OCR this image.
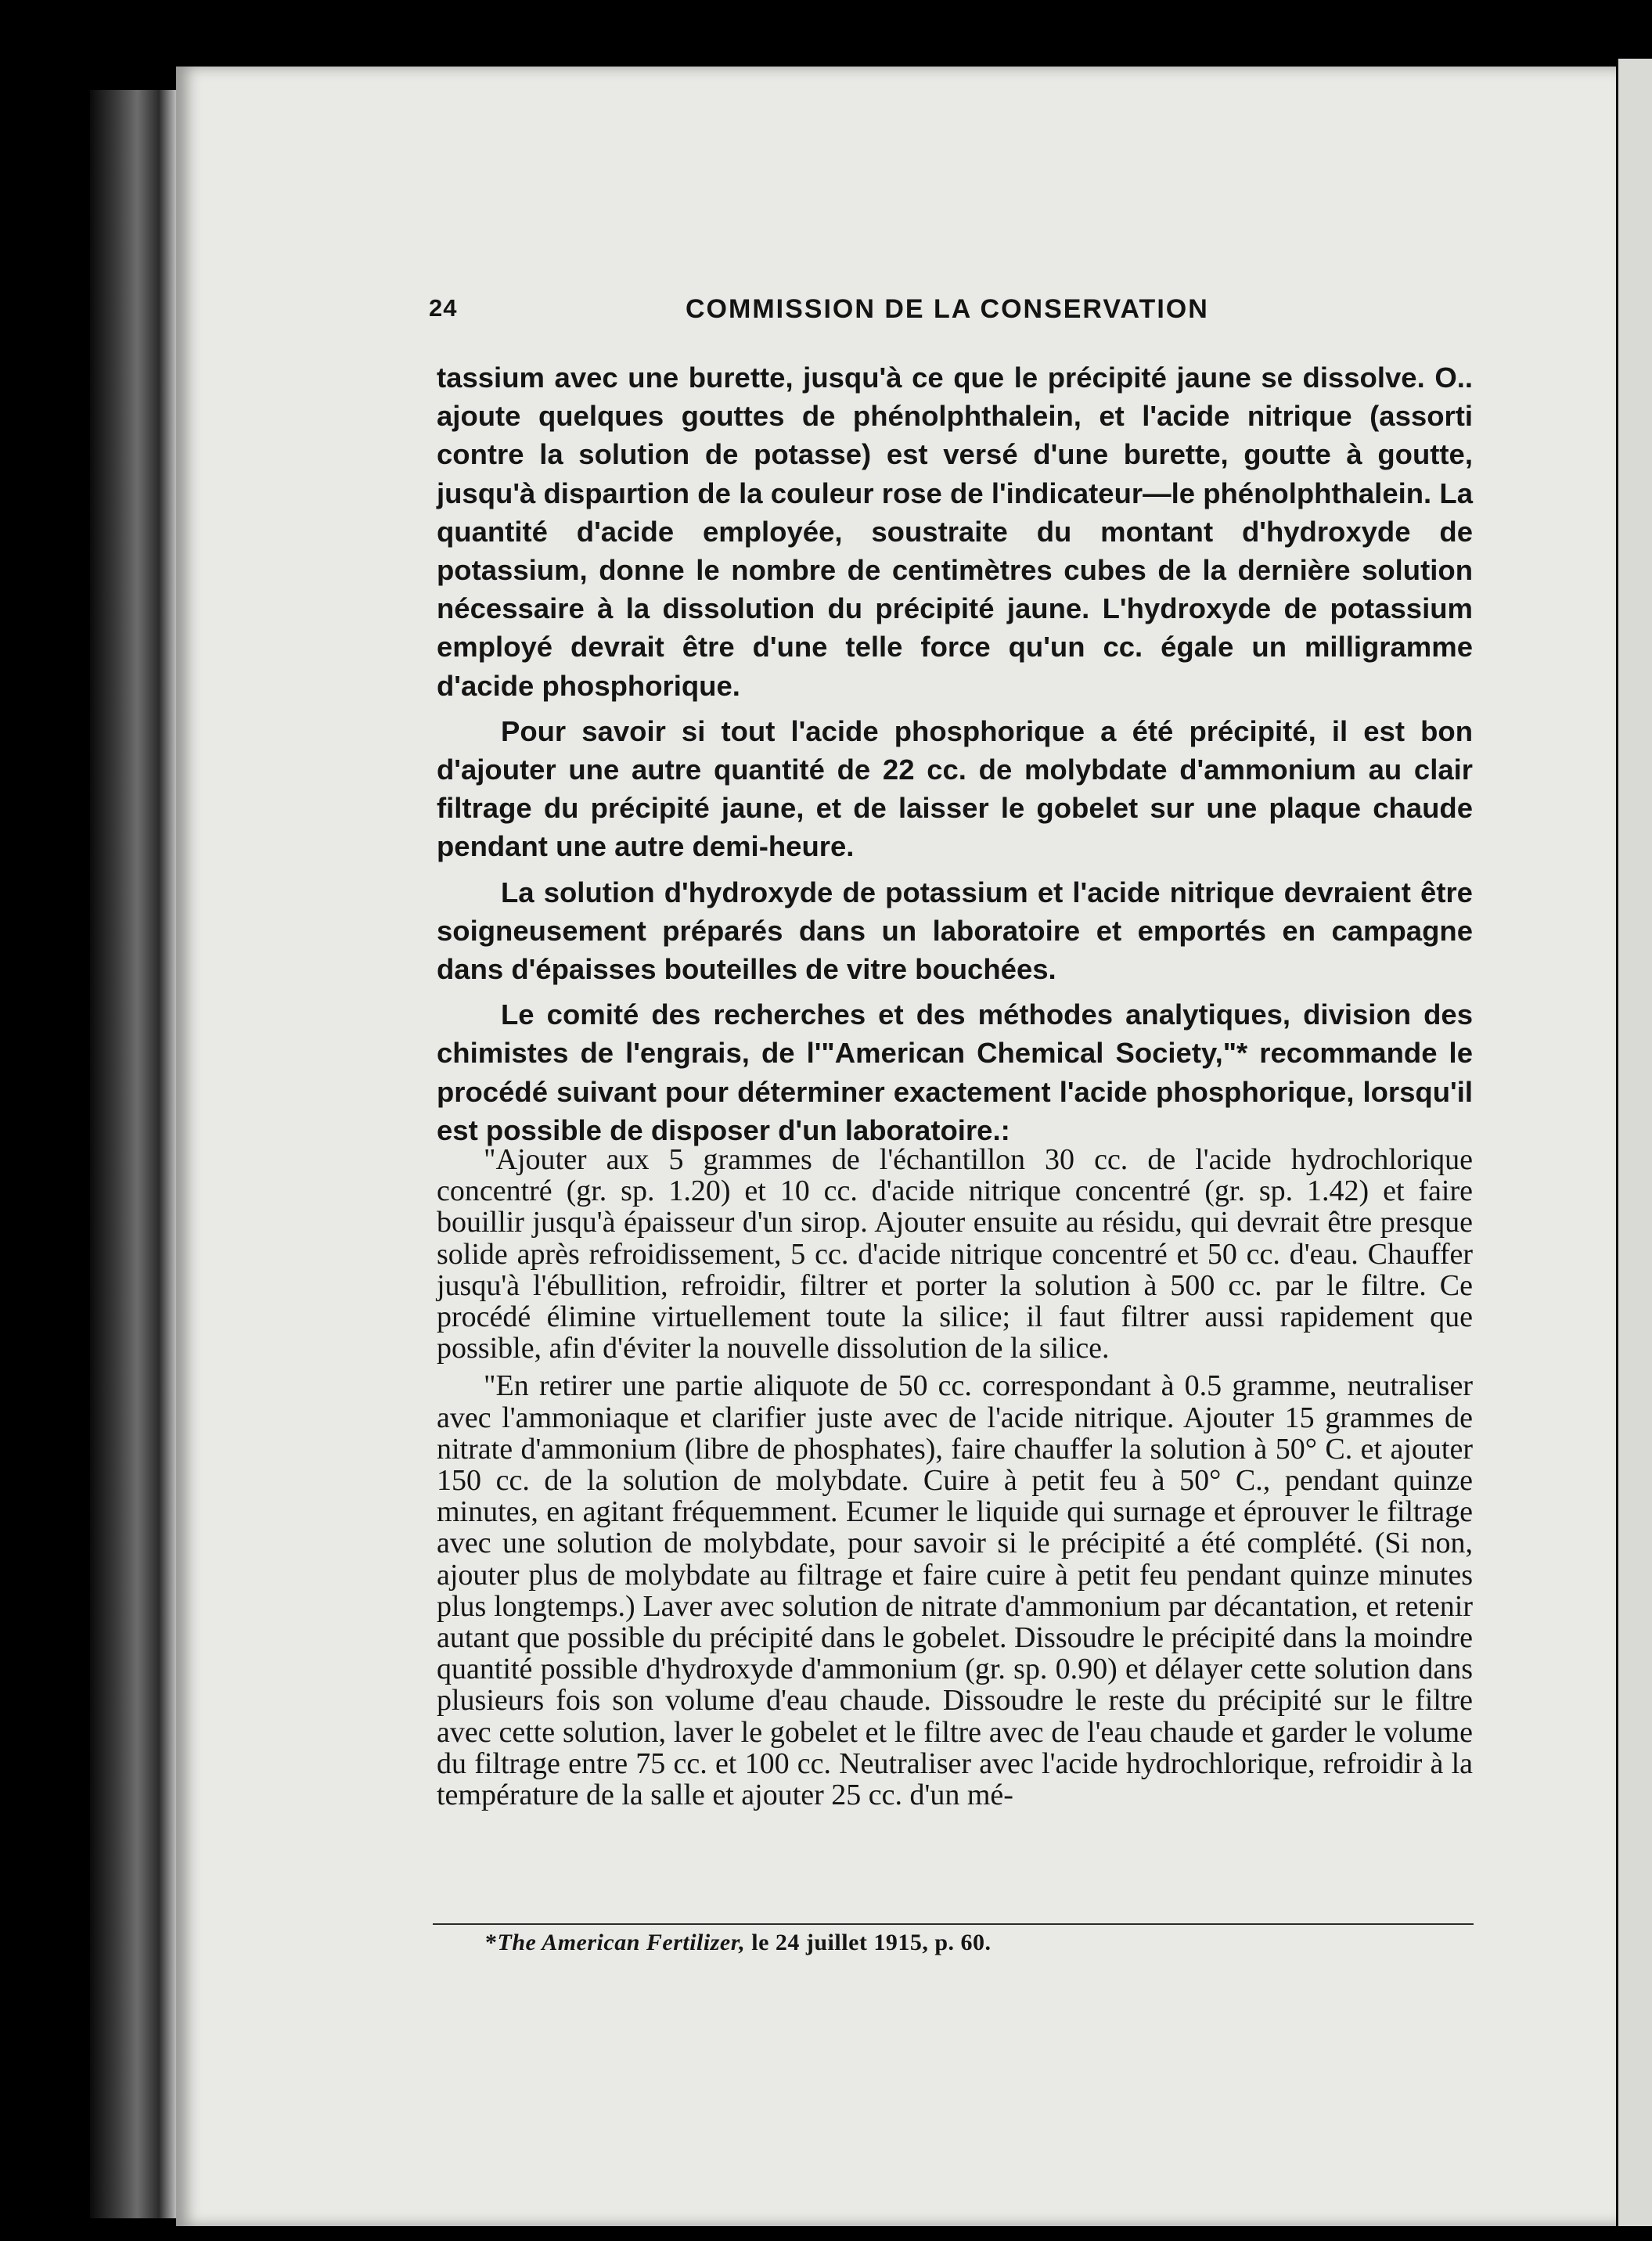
24	COMMISSION DE LA CONSERVATION

tassium avec une burette, jusqu'à ce que le précipité jaune se dissolve. O.. ajoute quelques gouttes de phénolphthalein, et l'acide nitrique (assorti contre la solution de potasse) est versé d'une burette, goutte à goutte, jusqu'à dispaırtion de la couleur rose de l'indicateur—le phénolphthalein. La quantité d'acide employée, soustraite du montant d'hydroxyde de potassium, donne le nombre de centimètres cubes de la dernière solution nécessaire à la dissolution du précipité jaune. L'hydroxyde de potassium employé devrait être d'une telle force qu'un cc. égale un milligramme d'acide phosphorique.

Pour savoir si tout l'acide phosphorique a été précipité, il est bon d'ajouter une autre quantité de 22 cc. de molybdate d'ammonium au clair filtrage du précipité jaune, et de laisser le gobelet sur une plaque chaude pendant une autre demi-heure.

La solution d'hydroxyde de potassium et l'acide nitrique devraient être soigneusement préparés dans un laboratoire et emportés en campagne dans d'épaisses bouteilles de vitre bouchées.

Le comité des recherches et des méthodes analytiques, division des chimistes de l'engrais, de l'"American Chemical Society,"* recommande le procédé suivant pour déterminer exactement l'acide phosphorique, lorsqu'il est possible de disposer d'un laboratoire.:

"Ajouter aux 5 grammes de l'échantillon 30 cc. de l'acide hydrochlorique concentré (gr. sp. 1.20) et 10 cc. d'acide nitrique concentré (gr. sp. 1.42) et faire bouillir jusqu'à épaisseur d'un sirop. Ajouter ensuite au résidu, qui devrait être presque solide après refroidissement, 5 cc. d'acide nitrique concentré et 50 cc. d'eau. Chauffer jusqu'à l'ébullition, refroidir, filtrer et porter la solution à 500 cc. par le filtre. Ce procédé élimine virtuellement toute la silice; il faut filtrer aussi rapidement que possible, afin d'éviter la nouvelle dissolution de la silice.

"En retirer une partie aliquote de 50 cc. correspondant à 0.5 gramme, neutraliser avec l'ammoniaque et clarifier juste avec de l'acide nitrique. Ajouter 15 grammes de nitrate d'ammonium (libre de phosphates), faire chauffer la solution à 50° C. et ajouter 150 cc. de la solution de molybdate. Cuire à petit feu à 50° C., pendant quinze minutes, en agitant fréquemment. Ecumer le liquide qui surnage et éprouver le filtrage avec une solution de molybdate, pour savoir si le précipité a été complété. (Si non, ajouter plus de molybdate au filtrage et faire cuire à petit feu pendant quinze minutes plus longtemps.) Laver avec solution de nitrate d'ammonium par décantation, et retenir autant que possible du précipité dans le gobelet. Dissoudre le précipité dans la moindre quantité possible d'hydroxyde d'ammonium (gr. sp. 0.90) et délayer cette solution dans plusieurs fois son volume d'eau chaude. Dissoudre le reste du précipité sur le filtre avec cette solution, laver le gobelet et le filtre avec de l'eau chaude et garder le volume du filtrage entre 75 cc. et 100 cc. Neutraliser avec l'acide hydrochlorique, refroidir à la température de la salle et ajouter 25 cc. d'un mé-

*The American Fertilizer, le 24 juillet 1915, p. 60.
